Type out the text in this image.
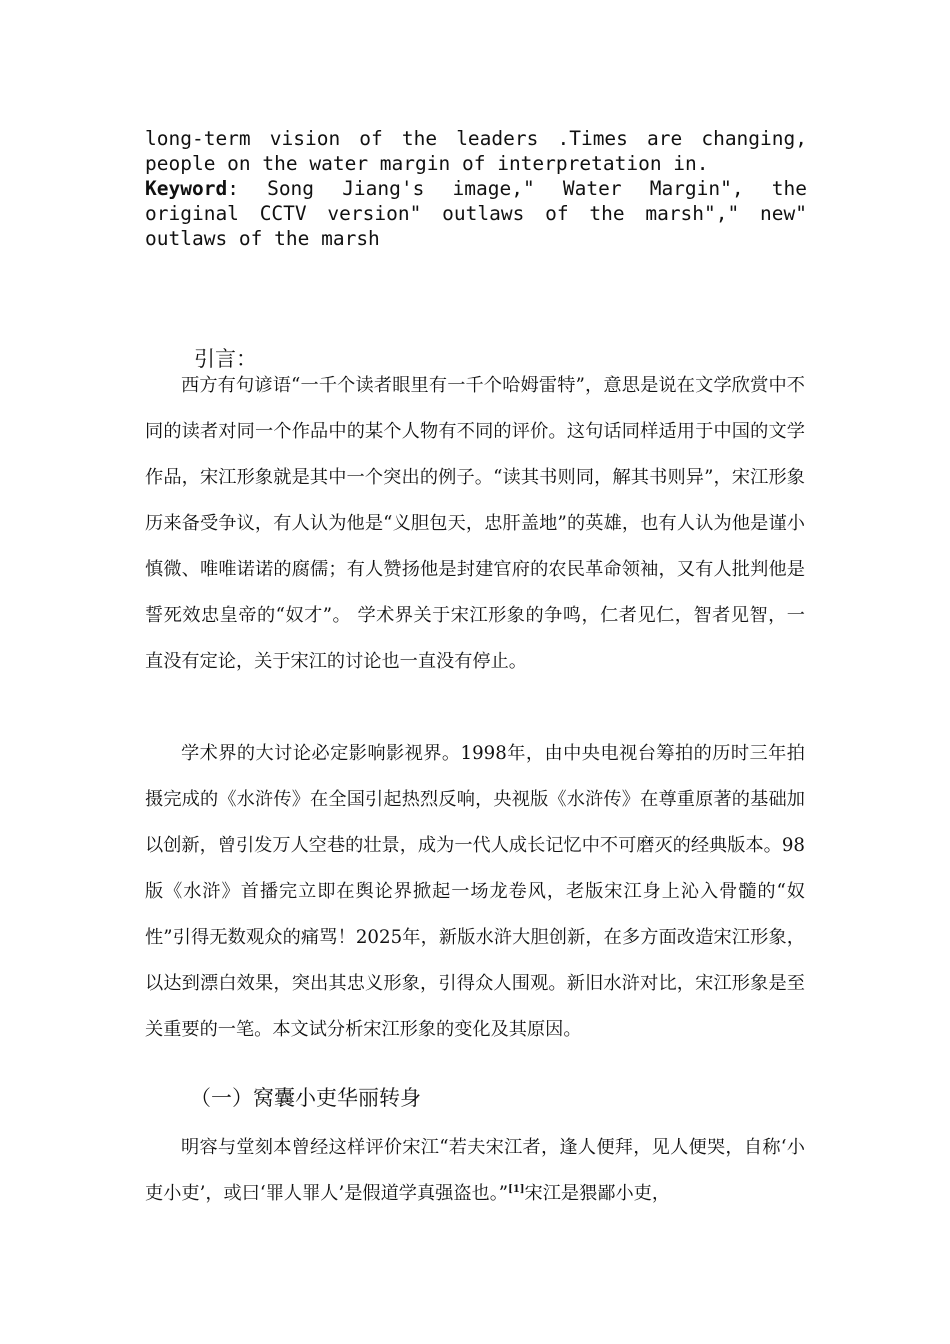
long-term vision of the leaders .Times are changing,
people on the water margin of interpretation in.
Keyword: Song Jiang's image," Water Margin", the
original CCTV version" outlaws of the marsh"," new"
outlaws of the marsh
引言：
西方有句谚语“一千个读者眼里有一千个哈姆雷特”，意思是说在文学欣赏中不同的读者对同一个作品中的某个人物有不同的评价。这句话同样适用于中国的文学作品，宋江形象就是其中一个突出的例子。“读其书则同，解其书则异”，宋江形象历来备受争议，有人认为他是“义胆包天，忠肝盖地”的英雄，也有人认为他是谨小慎微、唯唯诺诺的腐儒；有人赞扬他是封建官府的农民革命领袖，又有人批判他是誓死效忠皇帝的“奴才”。 学术界关于宋江形象的争鸣，仁者见仁，智者见智，一直没有定论，关于宋江的讨论也一直没有停止。
学术界的大讨论必定影响影视界。1998年，由中央电视台筹拍的历时三年拍摄完成的《水浒传》在全国引起热烈反响，央视版《水浒传》在尊重原著的基础加以创新，曾引发万人空巷的壮景，成为一代人成长记忆中不可磨灭的经典版本。98版《水浒》首播完立即在舆论界掀起一场龙卷风，老版宋江身上沁入骨髓的“奴性”引得无数观众的痛骂！2025年，新版水浒大胆创新，在多方面改造宋江形象，以达到漂白效果，突出其忠义形象，引得众人围观。新旧水浒对比，宋江形象是至关重要的一笔。本文试分析宋江形象的变化及其原因。
（一）窝囊小吏华丽转身
明容与堂刻本曾经这样评价宋江“若夫宋江者，逢人便拜，见人便哭，自称‘小吏小吏’，或曰‘罪人罪人’是假道学真强盗也。”[1]宋江是猥鄙小吏，
